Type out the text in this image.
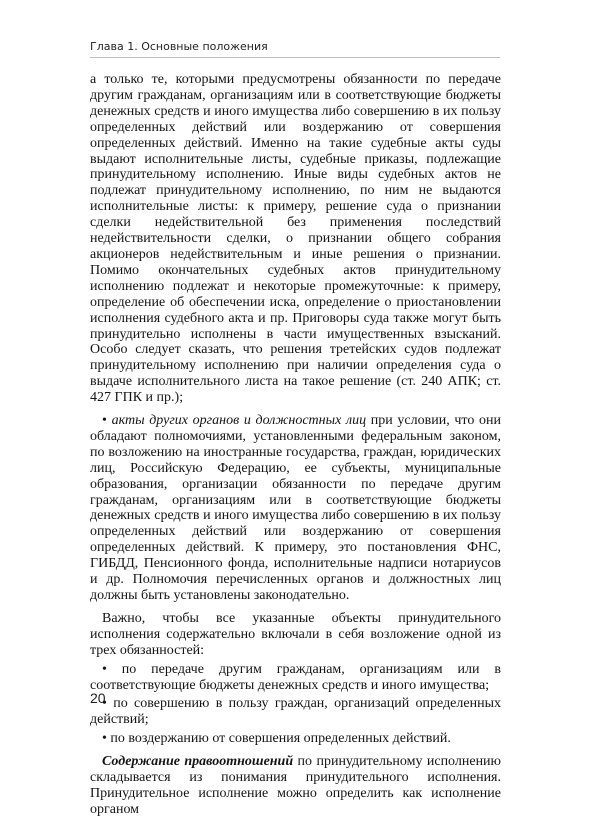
Глава 1. Основные положения

а только те, которыми предусмотрены обязанности по передаче другим гражданам, организациям или в соответствующие бюджеты денежных средств и иного имущества либо совершению в их пользу определенных действий или воздержанию от совершения определенных действий. Именно на такие судебные акты суды выдают исполнительные листы, судебные приказы, подлежащие принудительному исполнению. Иные виды судебных актов не подлежат принудительному исполнению, по ним не выдаются исполнительные листы: к примеру, решение суда о признании сделки недействительной без применения последствий недействительности сделки, о признании общего собрания акционеров недействительным и иные решения о признании. Помимо окончательных судебных актов принудительному исполнению подлежат и некоторые промежуточные: к примеру, определение об обеспечении иска, определение о приостановлении исполнения судебного акта и пр. Приговоры суда также могут быть принудительно исполнены в части имущественных взысканий. Особо следует сказать, что решения третейских судов подлежат принудительному исполнению при наличии определения суда о выдаче исполнительного листа на такое решение (ст. 240 АПК; ст. 427 ГПК и пр.);

• акты других органов и должностных лиц при условии, что они обладают полномочиями, установленными федеральным законом, по возложению на иностранные государства, граждан, юридических лиц, Российскую Федерацию, ее субъекты, муниципальные образования, организации обязанности по передаче другим гражданам, организациям или в соответствующие бюджеты денежных средств и иного имущества либо совершению в их пользу определенных действий или воздержанию от совершения определенных действий. К примеру, это постановления ФНС, ГИБДД, Пенсионного фонда, исполнительные надписи нотариусов и др. Полномочия перечисленных органов и должностных лиц должны быть установлены законодательно.

Важно, чтобы все указанные объекты принудительного исполнения содержательно включали в себя возложение одной из трех обязанностей:

• по передаче другим гражданам, организациям или в соответствующие бюджеты денежных средств и иного имущества;

• по совершению в пользу граждан, организаций определенных действий;

• по воздержанию от совершения определенных действий.

Содержание правоотношений по принудительному исполнению складывается из понимания принудительного исполнения. Принудительное исполнение можно определить как исполнение органом

20
